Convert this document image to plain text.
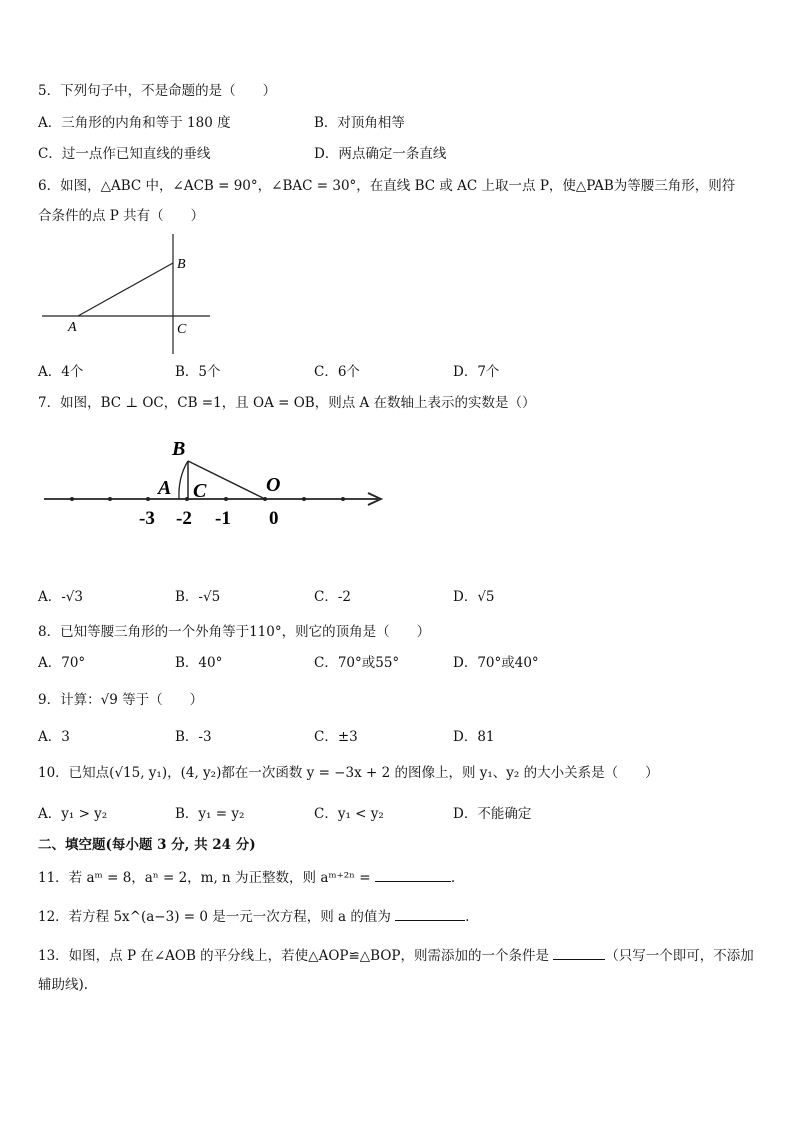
5．下列句子中，不是命题的是（　　）
A．三角形的内角和等于 180 度	B．对顶角相等
C．过一点作已知直线的垂线	D．两点确定一条直线
6．如图，△ABC 中，∠ACB = 90°，∠BAC = 30°，在直线 BC 或 AC 上取一点 P，使△PAB为等腰三角形，则符
合条件的点 P 共有（　　）
B
A	C
A．4个	B．5个	C．6个	D．7个
7．如图，BC ⊥ OC，CB =1，且 OA = OB，则点 A 在数轴上表示的实数是（）
B
A C	O
-3 -2 -1 0
A．-√3	B．-√5	C．-2	D．√5
8．已知等腰三角形的一个外角等于110°，则它的顶角是（　　）
A．70°	B．40°	C．70°或55°	D．70°或40°
9．计算：√9 等于（　　）
A．3	B．-3	C．±3	D．81
10．已知点(√15, y₁)，(4, y₂)都在一次函数 y = −3x + 2 的图像上，则 y₁、y₂ 的大小关系是（　　）
A．y₁ > y₂	B．y₁ = y₂	C．y₁ < y₂	D．不能确定
二、填空题(每小题 3 分, 共 24 分)
11．若 aᵐ = 8，aⁿ = 2，m, n 为正整数，则 aᵐ⁺²ⁿ =	.
12．若方程 5x^(a−3) = 0 是一元一次方程，则 a 的值为	.
13．如图，点 P 在∠AOB 的平分线上，若使△AOP≌△BOP，则需添加的一个条件是	（只写一个即可，不添加
辅助线).
